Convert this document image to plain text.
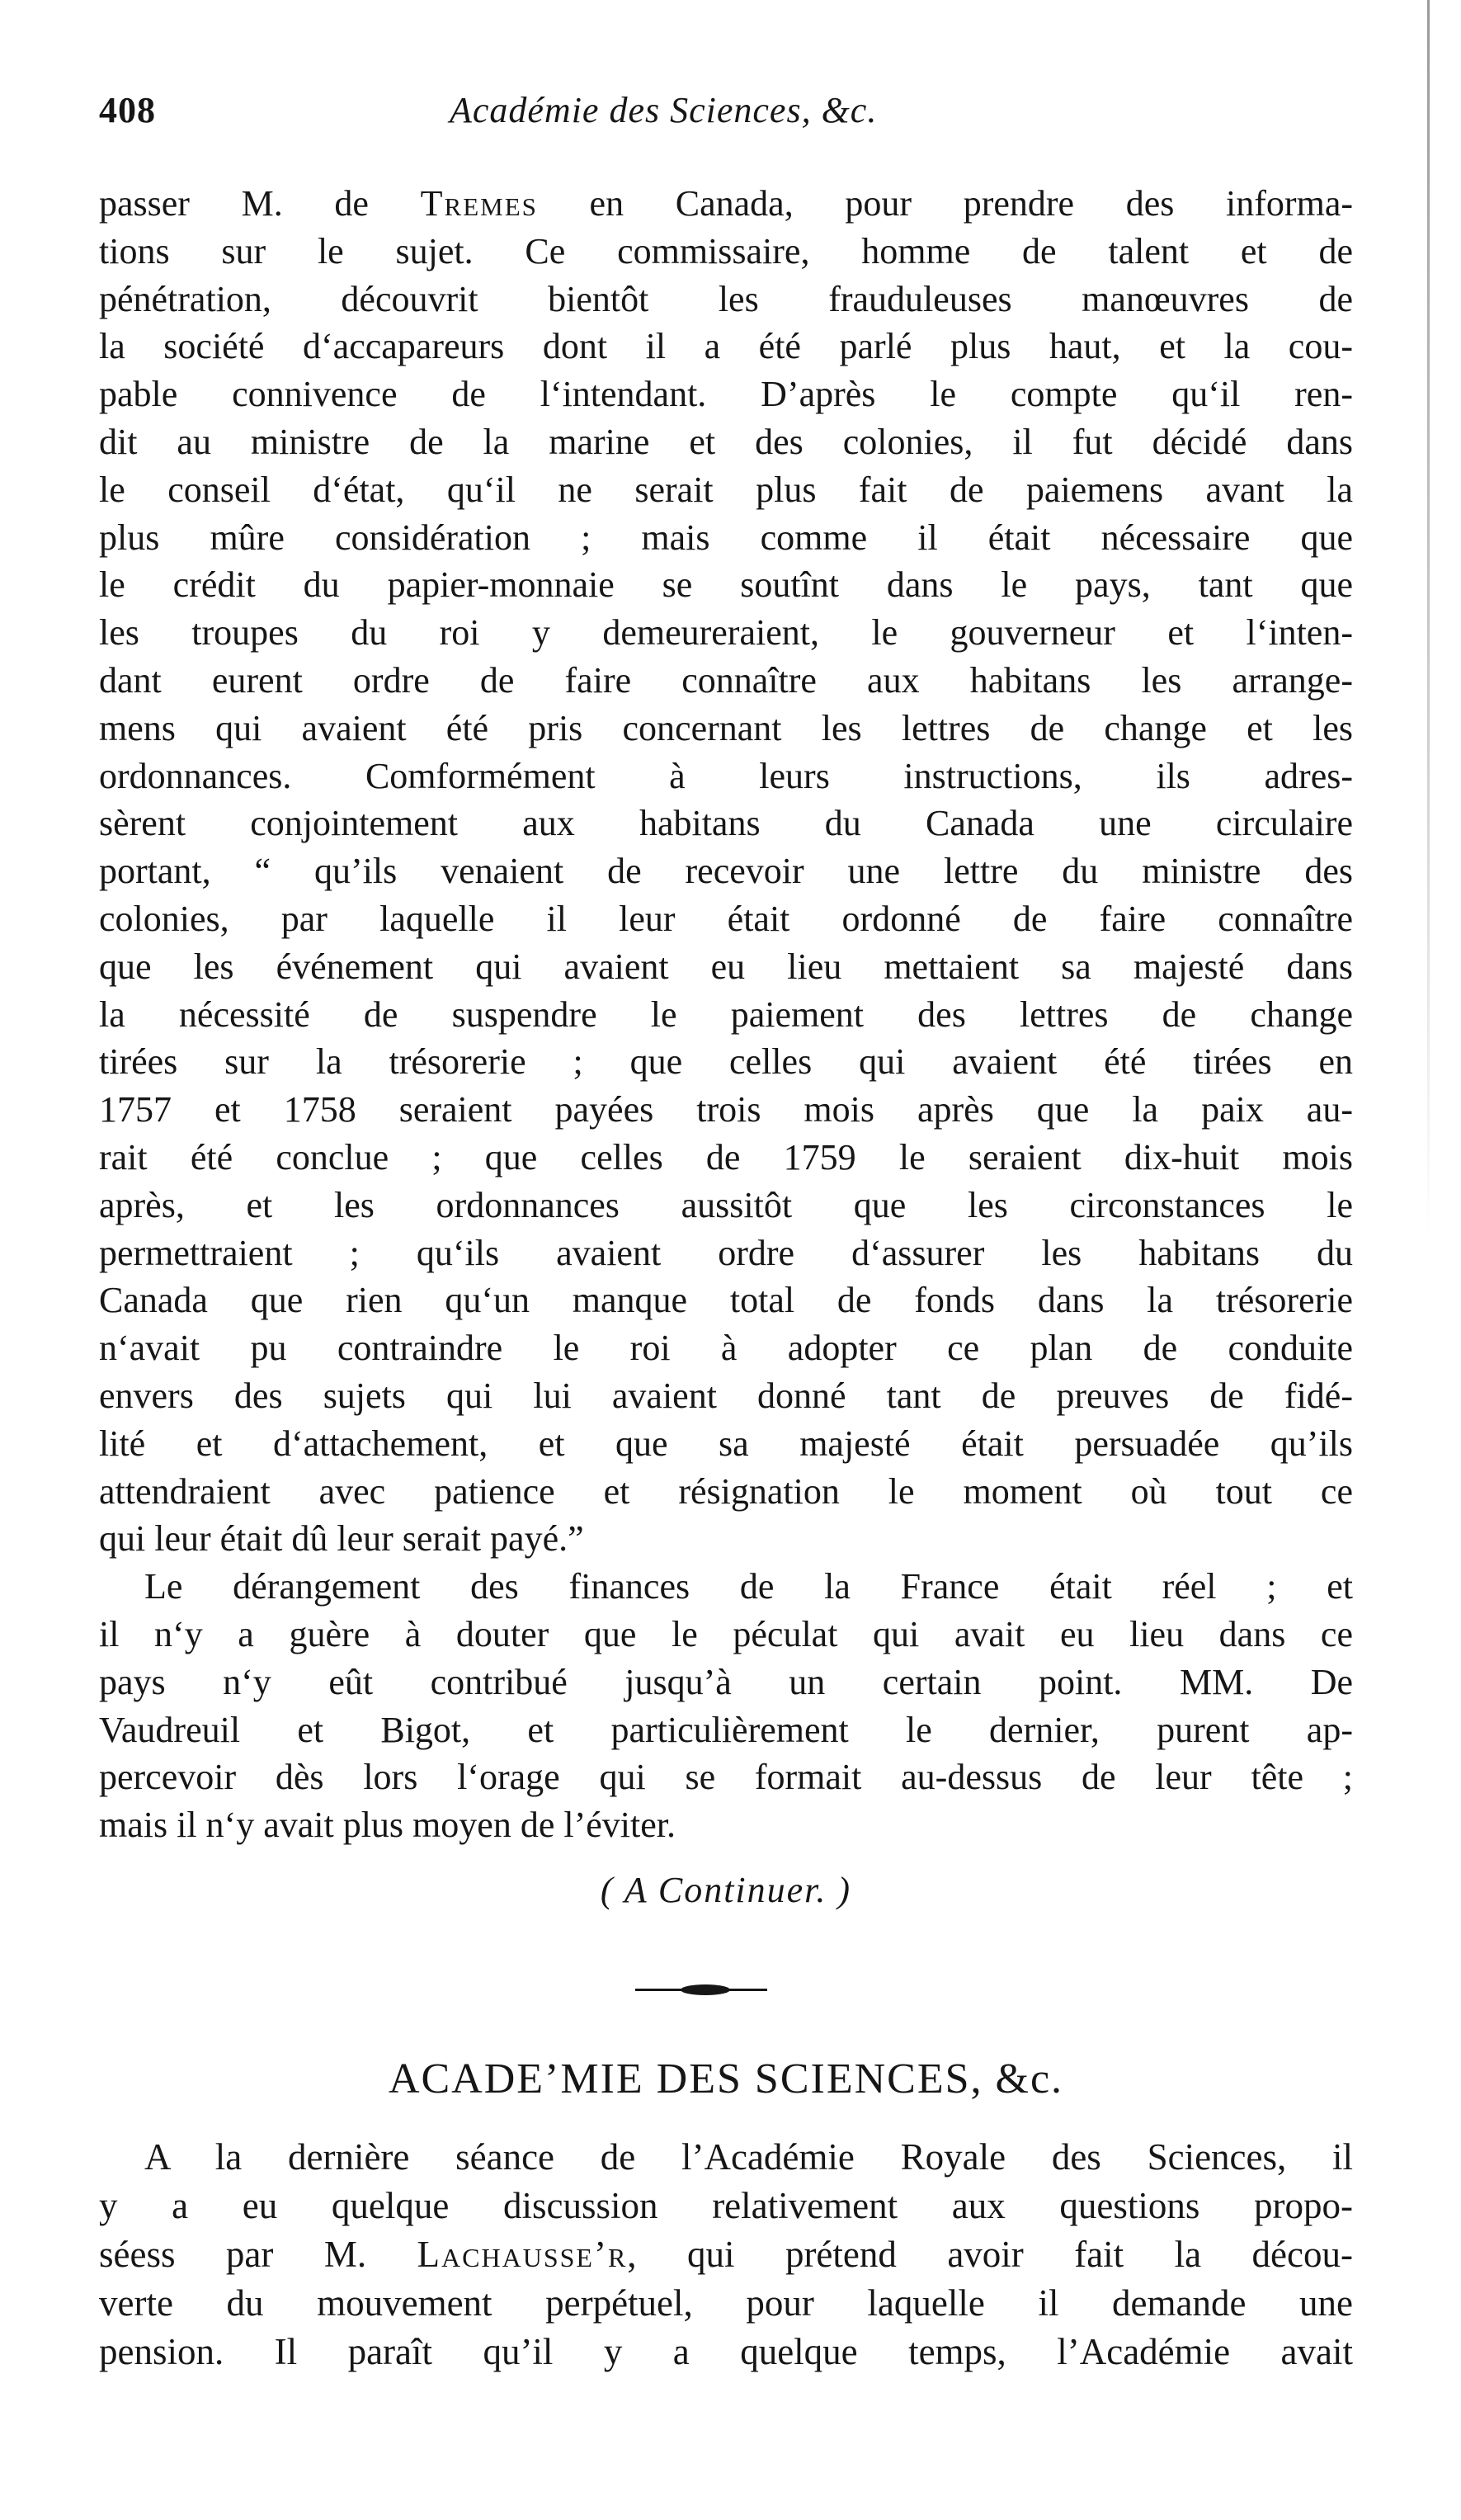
408	Académie des Sciences, &c.
passer M. de Tremes en Canada, pour prendre des informa-
tions sur le sujet. Ce commissaire, homme de talent et de
pénétration, découvrit bientôt les frauduleuses manœuvres de
la société d‘accapareurs dont il a été parlé plus haut, et la cou-
pable connivence de l‘intendant. D’après le compte qu‘il ren-
dit au ministre de la marine et des colonies, il fut décidé dans
le conseil d‘état, qu‘il ne serait plus fait de paiemens avant la
plus mûre considération ; mais comme il était nécessaire que
le crédit du papier-monnaie se soutînt dans le pays, tant que
les troupes du roi y demeureraient, le gouverneur et l‘inten-
dant eurent ordre de faire connaître aux habitans les arrange-
mens qui avaient été pris concernant les lettres de change et les
ordonnances. Comformément à leurs instructions, ils adres-
sèrent conjointement aux habitans du Canada une circulaire
portant, “ qu’ils venaient de recevoir une lettre du ministre des
colonies, par laquelle il leur était ordonné de faire connaître
que les événement qui avaient eu lieu mettaient sa majesté dans
la nécessité de suspendre le paiement des lettres de change
tirées sur la trésorerie ; que celles qui avaient été tirées en
1757 et 1758 seraient payées trois mois après que la paix au-
rait été conclue ; que celles de 1759 le seraient dix-huit mois
après, et les ordonnances aussitôt que les circonstances le
permettraient ; qu‘ils avaient ordre d‘assurer les habitans du
Canada que rien qu‘un manque total de fonds dans la trésorerie
n‘avait pu contraindre le roi à adopter ce plan de conduite
envers des sujets qui lui avaient donné tant de preuves de fidé-
lité et d‘attachement, et que sa majesté était persuadée qu’ils
attendraient avec patience et résignation le moment où tout ce
qui leur était dû leur serait payé.”
Le dérangement des finances de la France était réel ; et
il n‘y a guère à douter que le péculat qui avait eu lieu dans ce
pays n‘y eût contribué jusqu’à un certain point. MM. De
Vaudreuil et Bigot, et particulièrement le dernier, purent ap-
percevoir dès lors l‘orage qui se formait au-dessus de leur tête ;
mais il n‘y avait plus moyen de l’éviter.
( A Continuer. )
ACADE’MIE DES SCIENCES, &c.
A la dernière séance de l’Académie Royale des Sciences, il
y a eu quelque discussion relativement aux questions propo-
séess par M. Lachausse’r, qui prétend avoir fait la décou-
verte du mouvement perpétuel, pour laquelle il demande une
pension. Il paraît qu’il y a quelque temps, l’Académie avait
